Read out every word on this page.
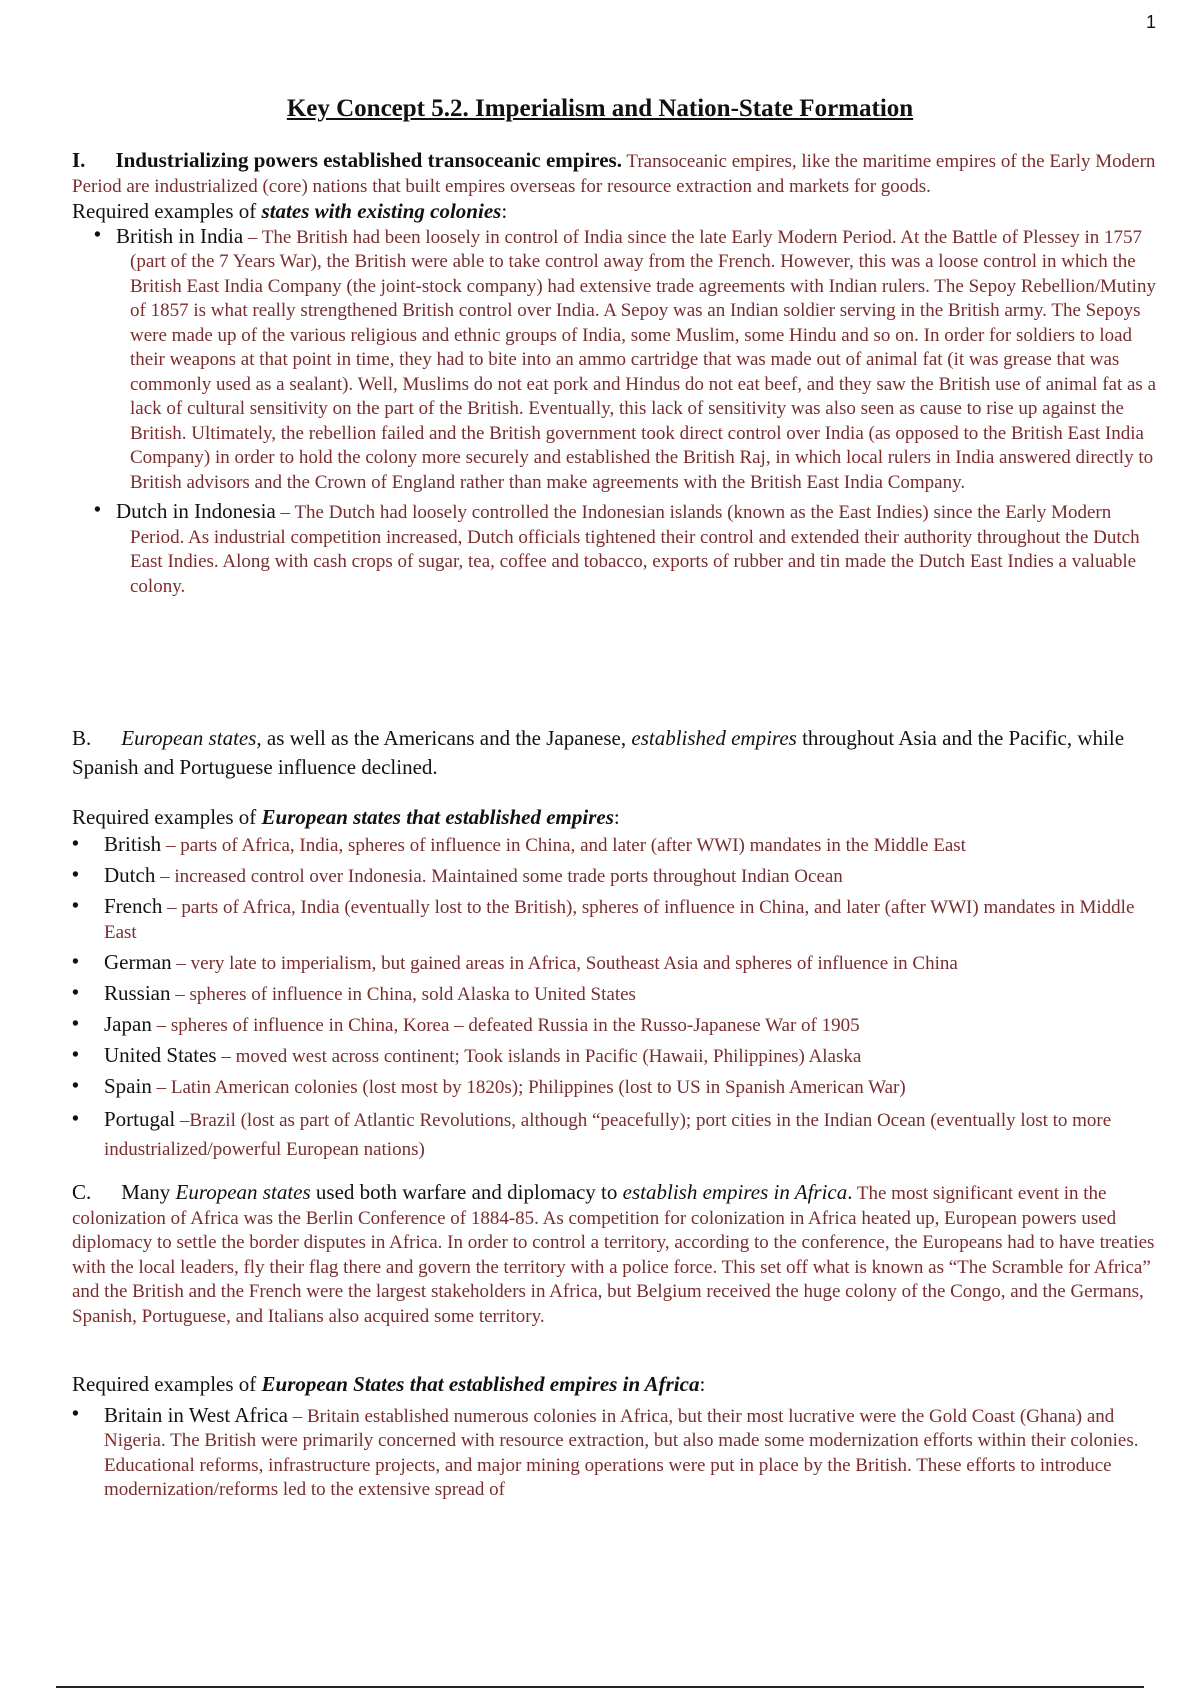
1
Key Concept 5.2. Imperialism and Nation-State Formation
I. Industrializing powers established transoceanic empires. Transoceanic empires, like the maritime empires of the Early Modern Period are industrialized (core) nations that built empires overseas for resource extraction and markets for goods.
Required examples of states with existing colonies:
• British in India – The British had been loosely in control of India since the late Early Modern Period. At the Battle of Plessey in 1757 (part of the 7 Years War), the British were able to take control away from the French. However, this was a loose control in which the British East India Company (the joint-stock company) had extensive trade agreements with Indian rulers. The Sepoy Rebellion/Mutiny of 1857 is what really strengthened British control over India. A Sepoy was an Indian soldier serving in the British army. The Sepoys were made up of the various religious and ethnic groups of India, some Muslim, some Hindu and so on. In order for soldiers to load their weapons at that point in time, they had to bite into an ammo cartridge that was made out of animal fat (it was grease that was commonly used as a sealant). Well, Muslims do not eat pork and Hindus do not eat beef, and they saw the British use of animal fat as a lack of cultural sensitivity on the part of the British. Eventually, this lack of sensitivity was also seen as cause to rise up against the British. Ultimately, the rebellion failed and the British government took direct control over India (as opposed to the British East India Company) in order to hold the colony more securely and established the British Raj, in which local rulers in India answered directly to British advisors and the Crown of England rather than make agreements with the British East India Company.
• Dutch in Indonesia – The Dutch had loosely controlled the Indonesian islands (known as the East Indies) since the Early Modern Period. As industrial competition increased, Dutch officials tightened their control and extended their authority throughout the Dutch East Indies. Along with cash crops of sugar, tea, coffee and tobacco, exports of rubber and tin made the Dutch East Indies a valuable colony.
B. European states, as well as the Americans and the Japanese, established empires throughout Asia and the Pacific, while Spanish and Portuguese influence declined.
Required examples of European states that established empires:
• British – parts of Africa, India, spheres of influence in China, and later (after WWI) mandates in the Middle East
• Dutch – increased control over Indonesia. Maintained some trade ports throughout Indian Ocean
• French – parts of Africa, India (eventually lost to the British), spheres of influence in China, and later (after WWI) mandates in Middle East
• German – very late to imperialism, but gained areas in Africa, Southeast Asia and spheres of influence in China
• Russian – spheres of influence in China, sold Alaska to United States
• Japan – spheres of influence in China, Korea – defeated Russia in the Russo-Japanese War of 1905
• United States – moved west across continent; Took islands in Pacific (Hawaii, Philippines) Alaska
• Spain – Latin American colonies (lost most by 1820s); Philippines (lost to US in Spanish American War)
• Portugal –Brazil (lost as part of Atlantic Revolutions, although “peacefully); port cities in the Indian Ocean (eventually lost to more industrialized/powerful European nations)
C. Many European states used both warfare and diplomacy to establish empires in Africa. The most significant event in the colonization of Africa was the Berlin Conference of 1884-85. As competition for colonization in Africa heated up, European powers used diplomacy to settle the border disputes in Africa. In order to control a territory, according to the conference, the Europeans had to have treaties with the local leaders, fly their flag there and govern the territory with a police force. This set off what is known as “The Scramble for Africa” and the British and the French were the largest stakeholders in Africa, but Belgium received the huge colony of the Congo, and the Germans, Spanish, Portuguese, and Italians also acquired some territory.
Required examples of European States that established empires in Africa:
• Britain in West Africa – Britain established numerous colonies in Africa, but their most lucrative were the Gold Coast (Ghana) and Nigeria. The British were primarily concerned with resource extraction, but also made some modernization efforts within their colonies. Educational reforms, infrastructure projects, and major mining operations were put in place by the British. These efforts to introduce modernization/reforms led to the extensive spread of
